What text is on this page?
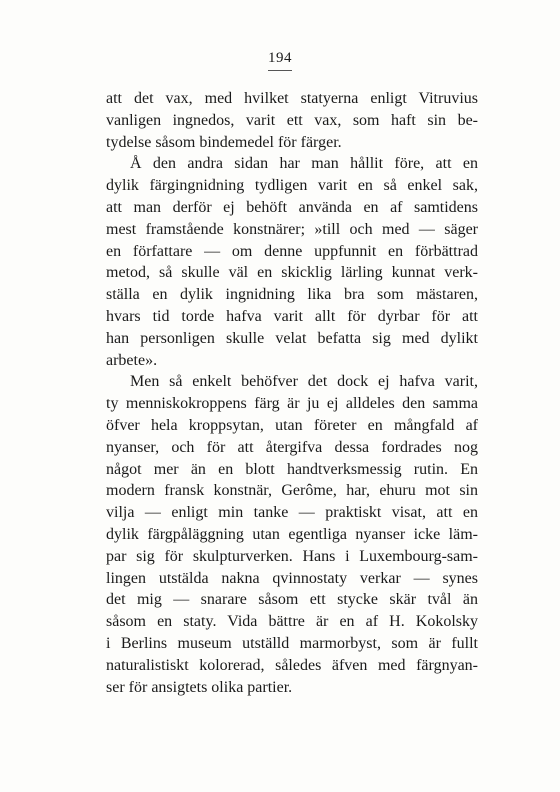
194
att det vax, med hvilket statyerna enligt Vitruvius
vanligen ingnedos, varit ett vax, som haft sin be-
tydelse såsom bindemedel för färger.
Å den andra sidan har man hållit före, att en
dylik färgingnidning tydligen varit en så enkel sak,
att man derför ej behöft använda en af samtidens
mest framstående konstnärer; »till och med — säger
en författare — om denne uppfunnit en förbättrad
metod, så skulle väl en skicklig lärling kunnat verk-
ställa en dylik ingnidning lika bra som mästaren,
hvars tid torde hafva varit allt för dyrbar för att
han personligen skulle velat befatta sig med dylikt
arbete».
Men så enkelt behöfver det dock ej hafva varit,
ty menniskokroppens färg är ju ej alldeles den samma
öfver hela kroppsytan, utan företer en mångfald af
nyanser, och för att återgifva dessa fordrades nog
något mer än en blott handtverksmessig rutin. En
modern fransk konstnär, Gerôme, har, ehuru mot sin
vilja — enligt min tanke — praktiskt visat, att en
dylik färgpåläggning utan egentliga nyanser icke läm-
par sig för skulpturverken. Hans i Luxembourg-sam-
lingen utstälda nakna qvinnostaty verkar — synes
det mig — snarare såsom ett stycke skär tvål än
såsom en staty. Vida bättre är en af H. Kokolsky
i Berlins museum utställd marmorbyst, som är fullt
naturalistiskt kolorerad, således äfven med färgnyan-
ser för ansigtets olika partier.
